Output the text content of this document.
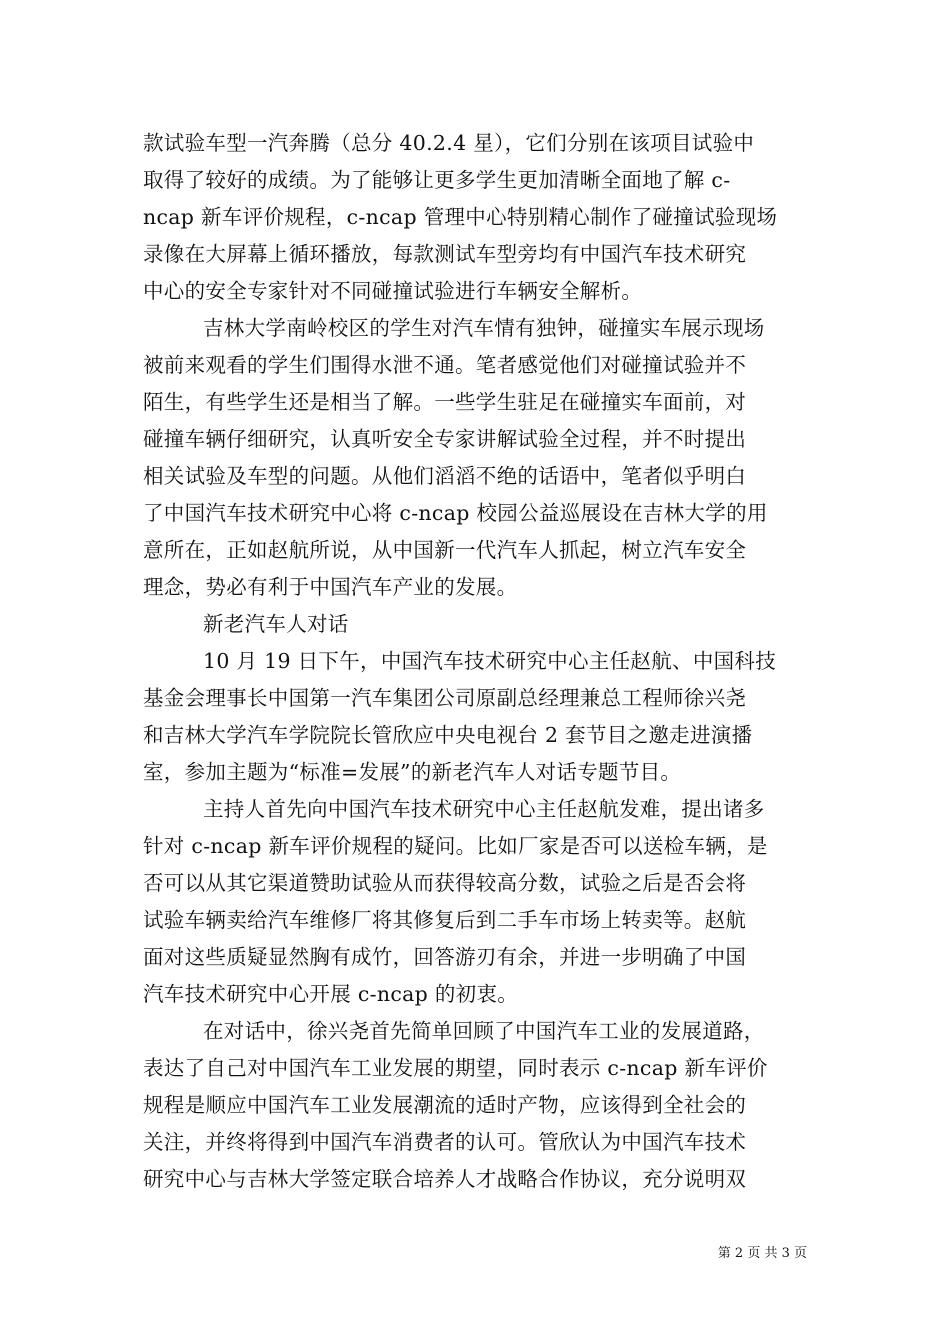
款试验车型一汽奔腾（总分 40.2.4 星），它们分别在该项目试验中
取得了较好的成绩。为了能够让更多学生更加清晰全面地了解 c-
ncap 新车评价规程，c-ncap 管理中心特别精心制作了碰撞试验现场
录像在大屏幕上循环播放，每款测试车型旁均有中国汽车技术研究
中心的安全专家针对不同碰撞试验进行车辆安全解析。
吉林大学南岭校区的学生对汽车情有独钟，碰撞实车展示现场
被前来观看的学生们围得水泄不通。笔者感觉他们对碰撞试验并不
陌生，有些学生还是相当了解。一些学生驻足在碰撞实车面前，对
碰撞车辆仔细研究，认真听安全专家讲解试验全过程，并不时提出
相关试验及车型的问题。从他们滔滔不绝的话语中，笔者似乎明白
了中国汽车技术研究中心将 c-ncap 校园公益巡展设在吉林大学的用
意所在，正如赵航所说，从中国新一代汽车人抓起，树立汽车安全
理念，势必有利于中国汽车产业的发展。
新老汽车人对话
10 月 19 日下午，中国汽车技术研究中心主任赵航、中国科技
基金会理事长中国第一汽车集团公司原副总经理兼总工程师徐兴尧
和吉林大学汽车学院院长管欣应中央电视台 2 套节目之邀走进演播
室，参加主题为“标准=发展”的新老汽车人对话专题节目。
主持人首先向中国汽车技术研究中心主任赵航发难，提出诸多
针对 c-ncap 新车评价规程的疑问。比如厂家是否可以送检车辆，是
否可以从其它渠道赞助试验从而获得较高分数，试验之后是否会将
试验车辆卖给汽车维修厂将其修复后到二手车市场上转卖等。赵航
面对这些质疑显然胸有成竹，回答游刃有余，并进一步明确了中国
汽车技术研究中心开展 c-ncap 的初衷。
在对话中，徐兴尧首先简单回顾了中国汽车工业的发展道路，
表达了自己对中国汽车工业发展的期望，同时表示 c-ncap 新车评价
规程是顺应中国汽车工业发展潮流的适时产物，应该得到全社会的
关注，并终将得到中国汽车消费者的认可。管欣认为中国汽车技术
研究中心与吉林大学签定联合培养人才战略合作协议，充分说明双
第 2 页 共 3 页
